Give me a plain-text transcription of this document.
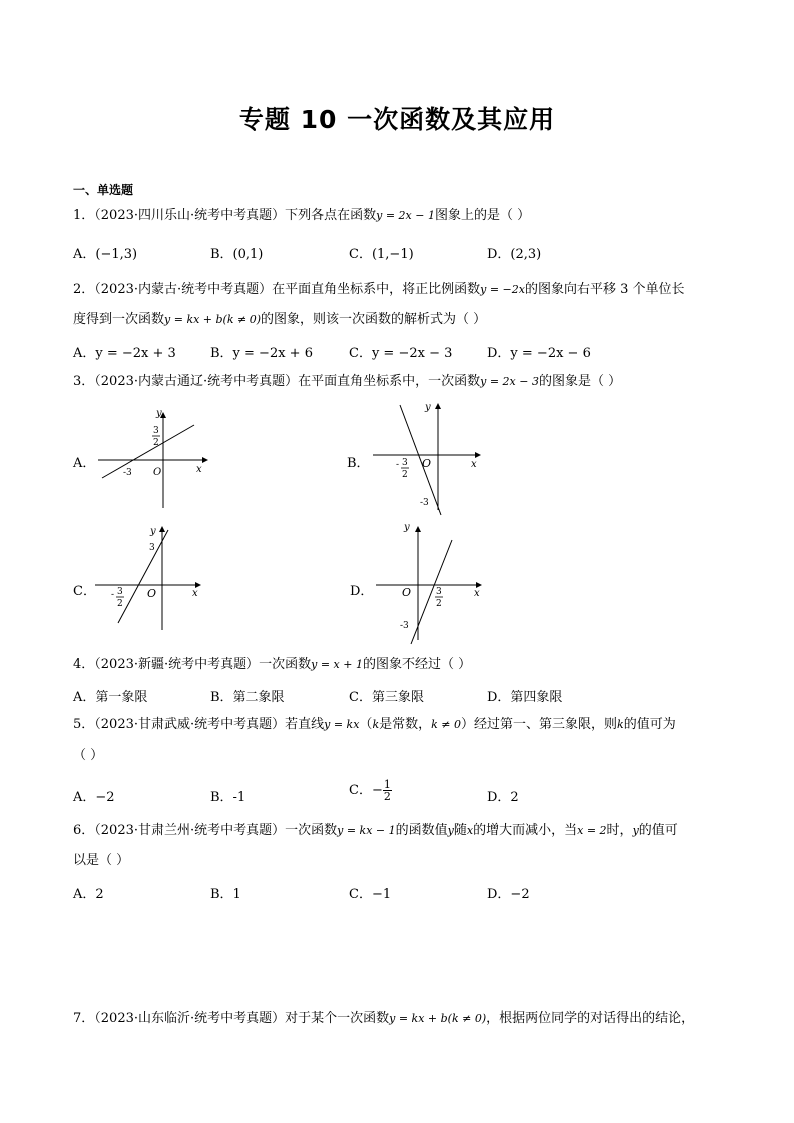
专题 10 一次函数及其应用
一、单选题
1．（2023·四川乐山·统考中考真题）下列各点在函数y = 2x − 1图象上的是（ ）
A．(−1,3)	B．(0,1)	C．(1,−1)	D．(2,3)
2．（2023·内蒙古·统考中考真题）在平面直角坐标系中，将正比例函数y = −2x的图象向右平移 3 个单位长
度得到一次函数y = kx + b(k ≠ 0)的图象，则该一次函数的解析式为（ ）
A．y = −2x + 3	B．y = −2x + 6	C．y = −2x − 3	D．y = −2x − 6
3．（2023·内蒙古通辽·统考中考真题）在平面直角坐标系中，一次函数y = 2x − 3的图象是（ ）
A．
y
x
O
-3
3
2
B．
y
x
O
- 3
2
-3
C．
y
x
O
3
- 3
2
D．
y
x
O	3
2
-3
4．（2023·新疆·统考中考真题）一次函数y = x + 1的图象不经过（ ）
A．第一象限	B．第二象限	C．第三象限	D．第四象限
5．（2023·甘肃武威·统考中考真题）若直线y = kx（k是常数，k ≠ 0）经过第一、第三象限，则k的值可为
（ ）
A．−2	B．-1	C．− $\frac{1}{2}$	D．2
6．（2023·甘肃兰州·统考中考真题）一次函数y = kx − 1的函数值y随x的增大而减小，当x = 2时，y的值可
以是（ ）
A．2	B．1	C．−1	D．−2
7．（2023·山东临沂·统考中考真题）对于某个一次函数y = kx + b(k ≠ 0)，根据两位同学的对话得出的结论，
